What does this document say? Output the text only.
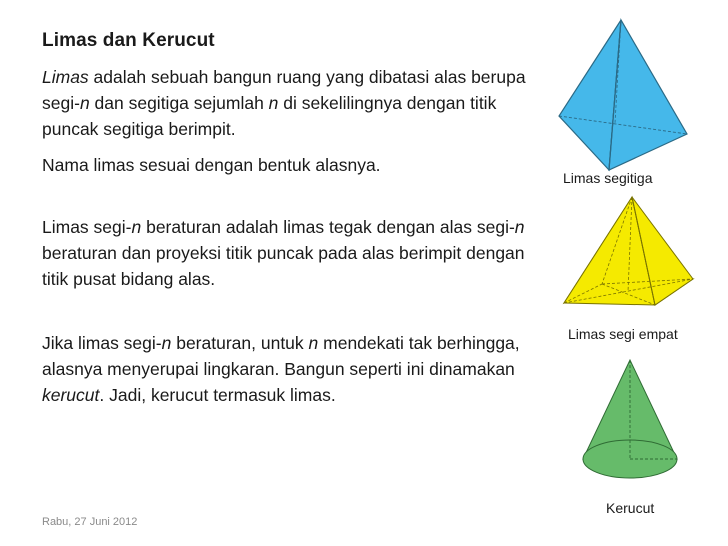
Limas dan Kerucut

Limas adalah sebuah bangun ruang yang dibatasi alas berupa segi-n dan segitiga sejumlah n di sekelilingnya dengan titik puncak segitiga berimpit.

Nama limas sesuai dengan bentuk alasnya.

Limas segi-n beraturan adalah limas tegak dengan alas segi-n beraturan dan proyeksi titik puncak pada alas berimpit dengan titik pusat bidang alas.

Jika limas segi-n beraturan, untuk n mendekati tak berhingga, alasnya menyerupai lingkaran. Bangun seperti ini dinamakan kerucut. Jadi, kerucut termasuk limas.

Rabu, 27 Juni 2012
Limas segitiga
Limas segi empat
Kerucut
